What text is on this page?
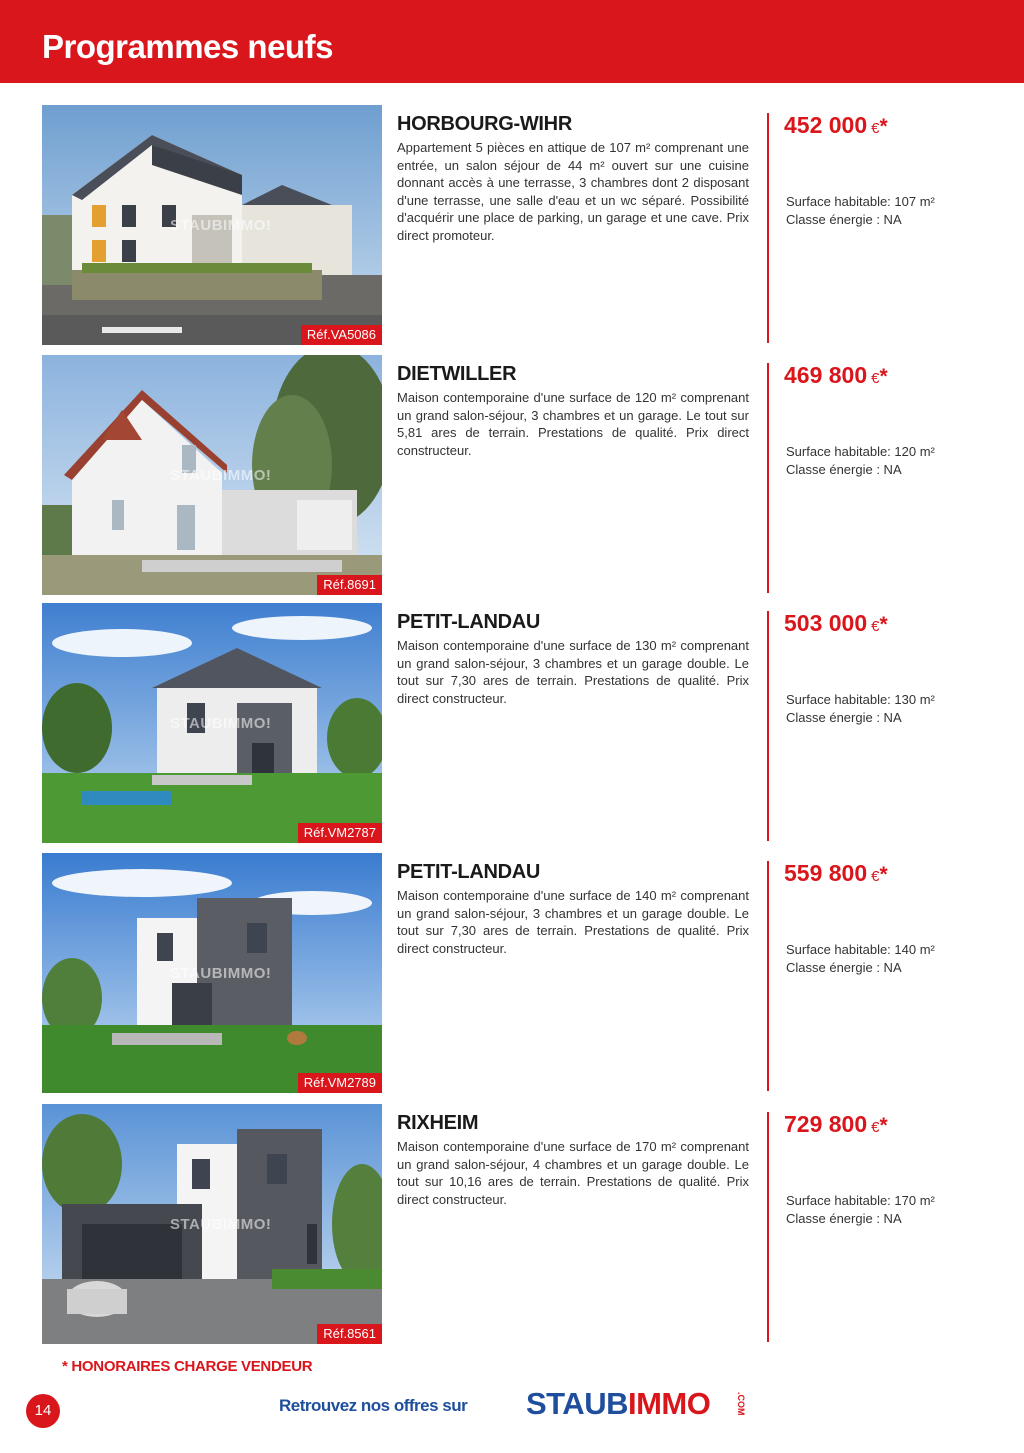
Programmes neufs
STAUBIMMO!
Réf.VA5086
HORBOURG-WIHR
Appartement 5 pièces en attique de 107 m² comprenant une entrée, un salon séjour de 44 m² ouvert sur une cuisine donnant accès à une terrasse, 3 chambres dont 2 disposant d'une terrasse, une salle d'eau et un wc séparé. Possibilité d'acquérir une place de parking, un garage et une cave. Prix direct promoteur.
452 000 €*
Surface habitable: 107 m²
Classe énergie : NA
STAUBIMMO!
Réf.8691
DIETWILLER
Maison contemporaine d'une surface de 120 m² comprenant un grand salon-séjour, 3 chambres et un garage. Le tout sur 5,81 ares de terrain. Prestations de qualité. Prix direct constructeur.
469 800 €*
Surface habitable: 120 m²
Classe énergie : NA
STAUBIMMO!
Réf.VM2787
PETIT-LANDAU
Maison contemporaine d'une surface de 130 m² comprenant un grand salon-séjour, 3 chambres et un garage double. Le tout sur 7,30 ares de terrain. Prestations de qualité. Prix direct constructeur.
503 000 €*
Surface habitable: 130 m²
Classe énergie : NA
STAUBIMMO!
Réf.VM2789
PETIT-LANDAU
Maison contemporaine d'une surface de 140 m² comprenant un grand salon-séjour, 3 chambres et un garage double. Le tout sur 7,30 ares de terrain. Prestations de qualité. Prix direct constructeur.
559 800 €*
Surface habitable: 140 m²
Classe énergie : NA
STAUBIMMO!
Réf.8561
RIXHEIM
Maison contemporaine d'une surface de 170 m² comprenant un grand salon-séjour, 4 chambres et un garage double. Le tout sur 10,16 ares de terrain. Prestations de qualité. Prix direct constructeur.
729 800 €*
Surface habitable: 170 m²
Classe énergie : NA
* HONORAIRES CHARGE VENDEUR
14	Retrouvez nos offres sur STAUBIMMO	.COM
